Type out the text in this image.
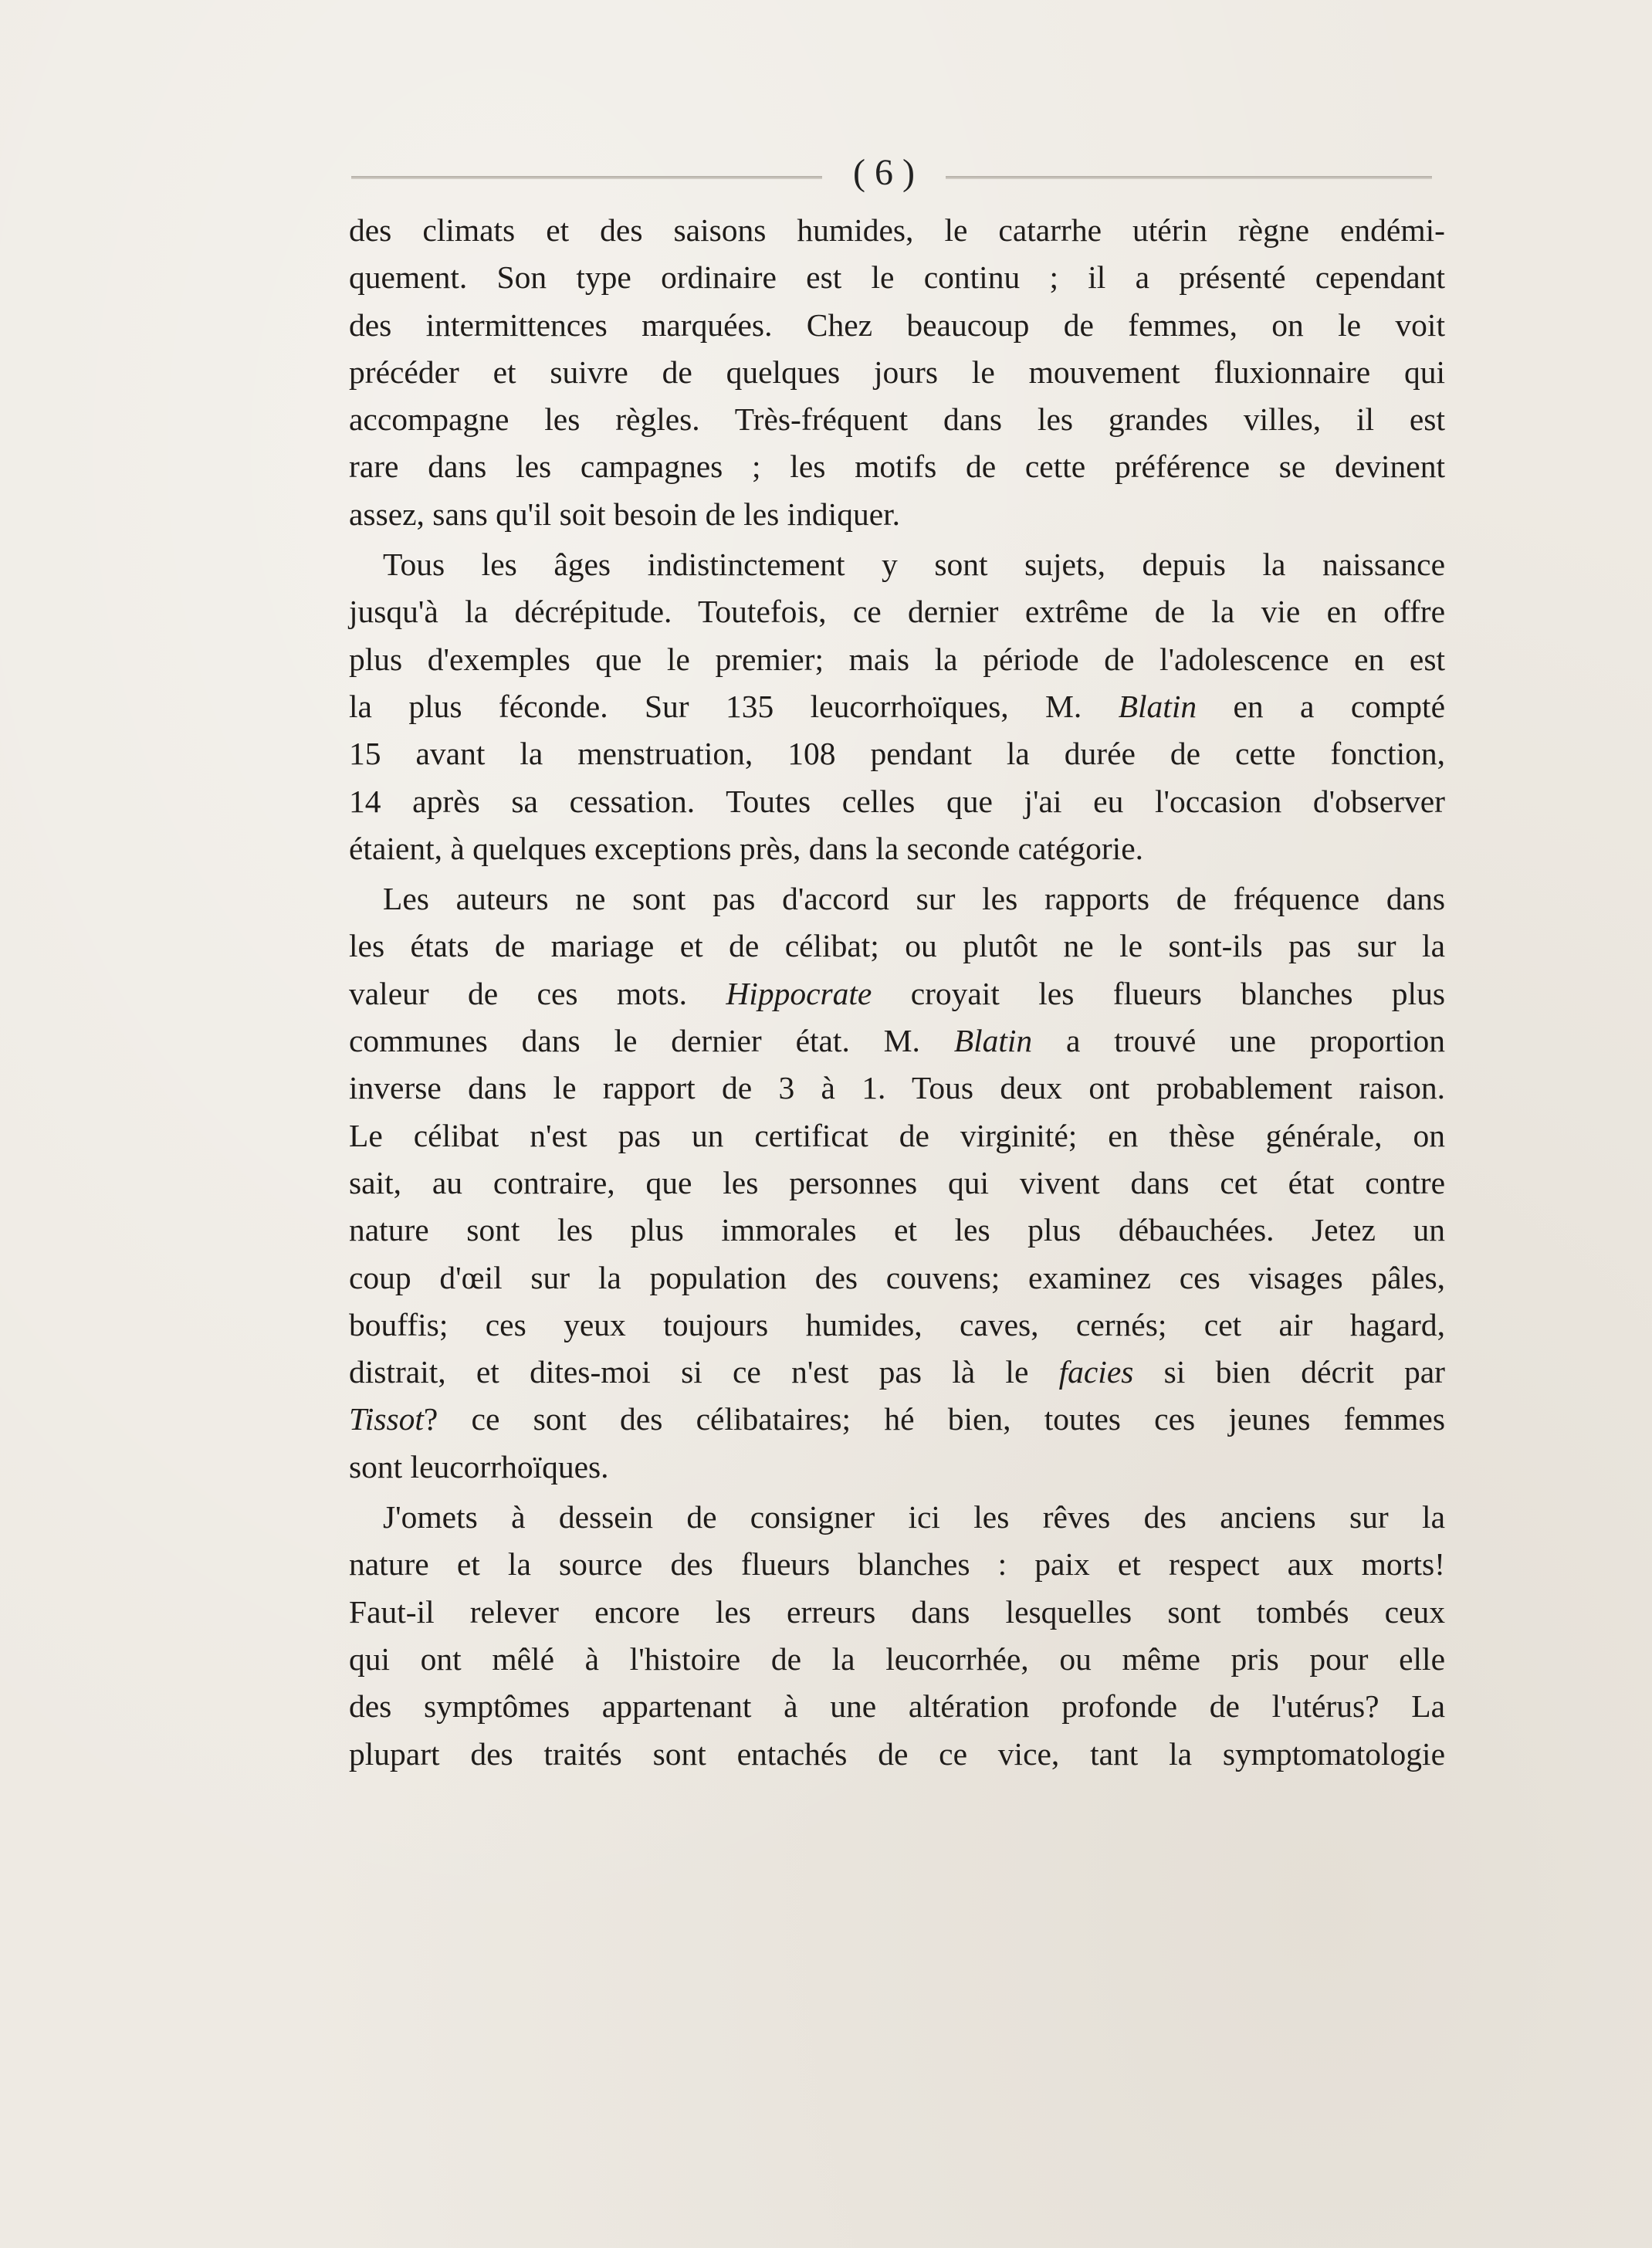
( 6 )
des climats et des saisons humides, le catarrhe utérin règne endémi-
quement. Son type ordinaire est le continu ; il a présenté cependant
des intermittences marquées. Chez beaucoup de femmes, on le voit
précéder et suivre de quelques jours le mouvement fluxionnaire qui
accompagne les règles. Très-fréquent dans les grandes villes, il est
rare dans les campagnes ; les motifs de cette préférence se devinent
assez, sans qu'il soit besoin de les indiquer.
Tous les âges indistinctement y sont sujets, depuis la naissance
jusqu'à la décrépitude. Toutefois, ce dernier extrême de la vie en offre
plus d'exemples que le premier; mais la période de l'adolescence en est
la plus féconde. Sur 135 leucorrhoïques, M. Blatin en a compté
15 avant la menstruation, 108 pendant la durée de cette fonction,
14 après sa cessation. Toutes celles que j'ai eu l'occasion d'observer
étaient, à quelques exceptions près, dans la seconde catégorie.
Les auteurs ne sont pas d'accord sur les rapports de fréquence dans
les états de mariage et de célibat; ou plutôt ne le sont-ils pas sur la
valeur de ces mots. Hippocrate croyait les flueurs blanches plus
communes dans le dernier état. M. Blatin a trouvé une proportion
inverse dans le rapport de 3 à 1. Tous deux ont probablement raison.
Le célibat n'est pas un certificat de virginité; en thèse générale, on
sait, au contraire, que les personnes qui vivent dans cet état contre
nature sont les plus immorales et les plus débauchées. Jetez un
coup d'œil sur la population des couvens; examinez ces visages pâles,
bouffis; ces yeux toujours humides, caves, cernés; cet air hagard,
distrait, et dites-moi si ce n'est pas là le facies si bien décrit par
Tissot? ce sont des célibataires; hé bien, toutes ces jeunes femmes
sont leucorrhoïques.
J'omets à dessein de consigner ici les rêves des anciens sur la
nature et la source des flueurs blanches : paix et respect aux morts!
Faut-il relever encore les erreurs dans lesquelles sont tombés ceux
qui ont mêlé à l'histoire de la leucorrhée, ou même pris pour elle
des symptômes appartenant à une altération profonde de l'utérus? La
plupart des traités sont entachés de ce vice, tant la symptomatologie
